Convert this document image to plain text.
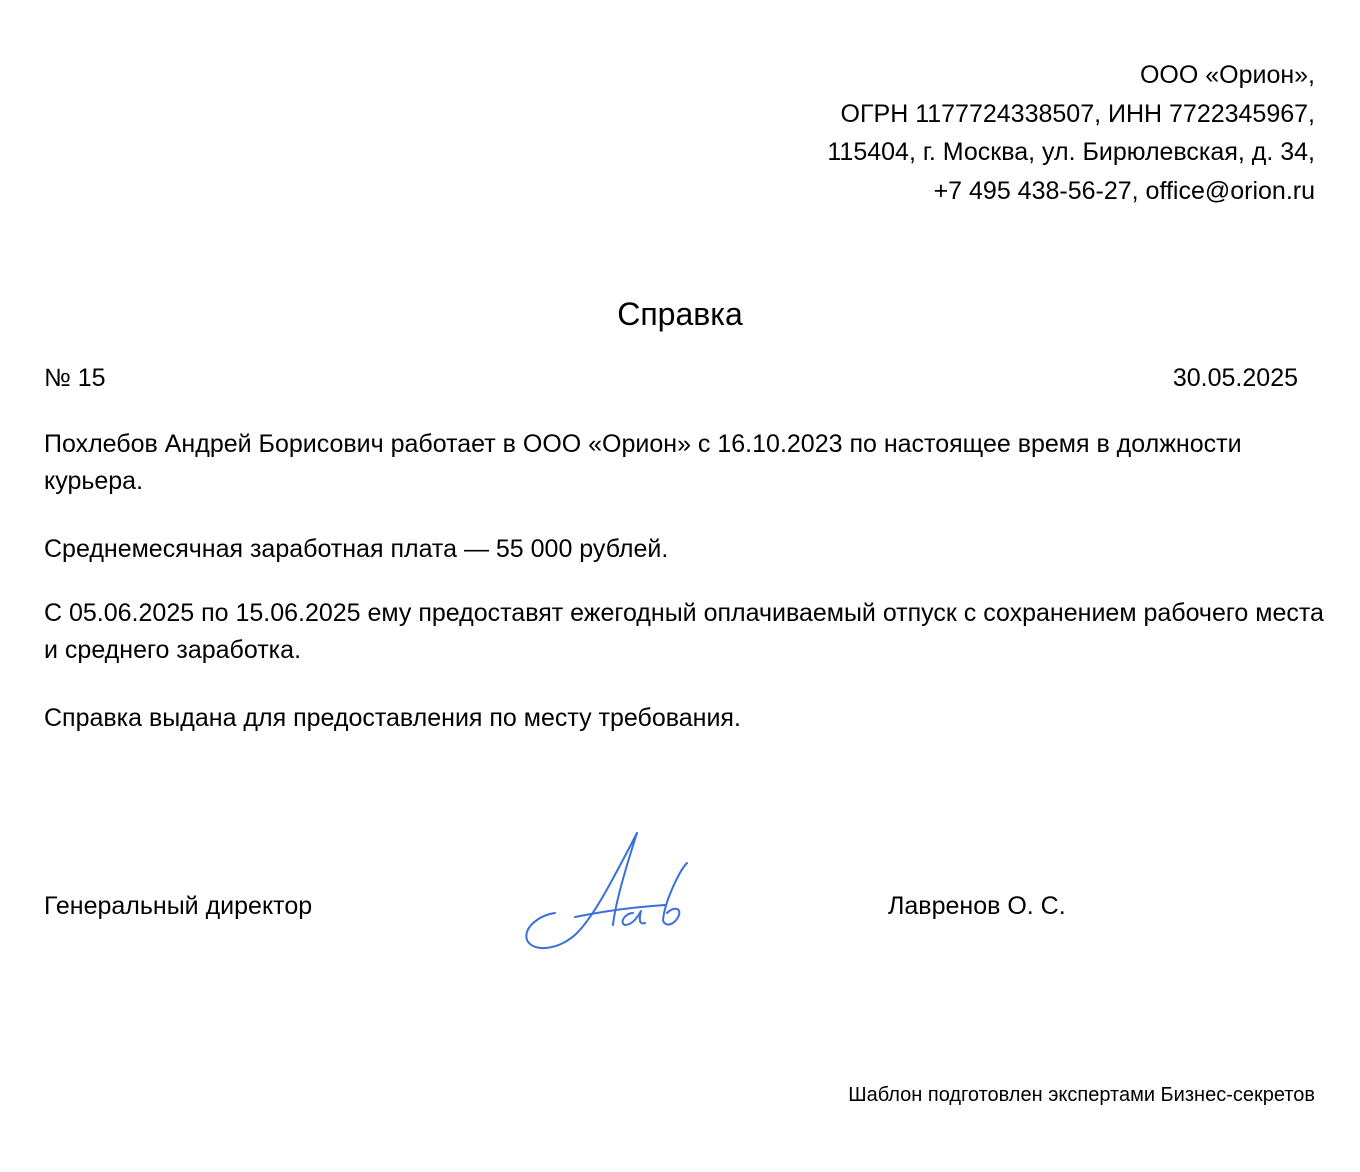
ООО «Орион»,
ОГРН 1177724338507, ИНН 7722345967,
115404, г. Москва, ул. Бирюлевская, д. 34,
+7 495 438-56-27, office@orion.ru
Справка
№ 15	30.05.2025
Похлебов Андрей Борисович работает в ООО «Орион» с 16.10.2023 по настоящее время в должности курьера.
Среднемесячная заработная плата — 55 000 рублей.
С 05.06.2025 по 15.06.2025 ему предоставят ежегодный оплачиваемый отпуск с сохранением рабочего места и среднего заработка.
Справка выдана для предоставления по месту требования.
Генеральный директор	Лавренов О. С.
Шаблон подготовлен экспертами Бизнес-секретов
